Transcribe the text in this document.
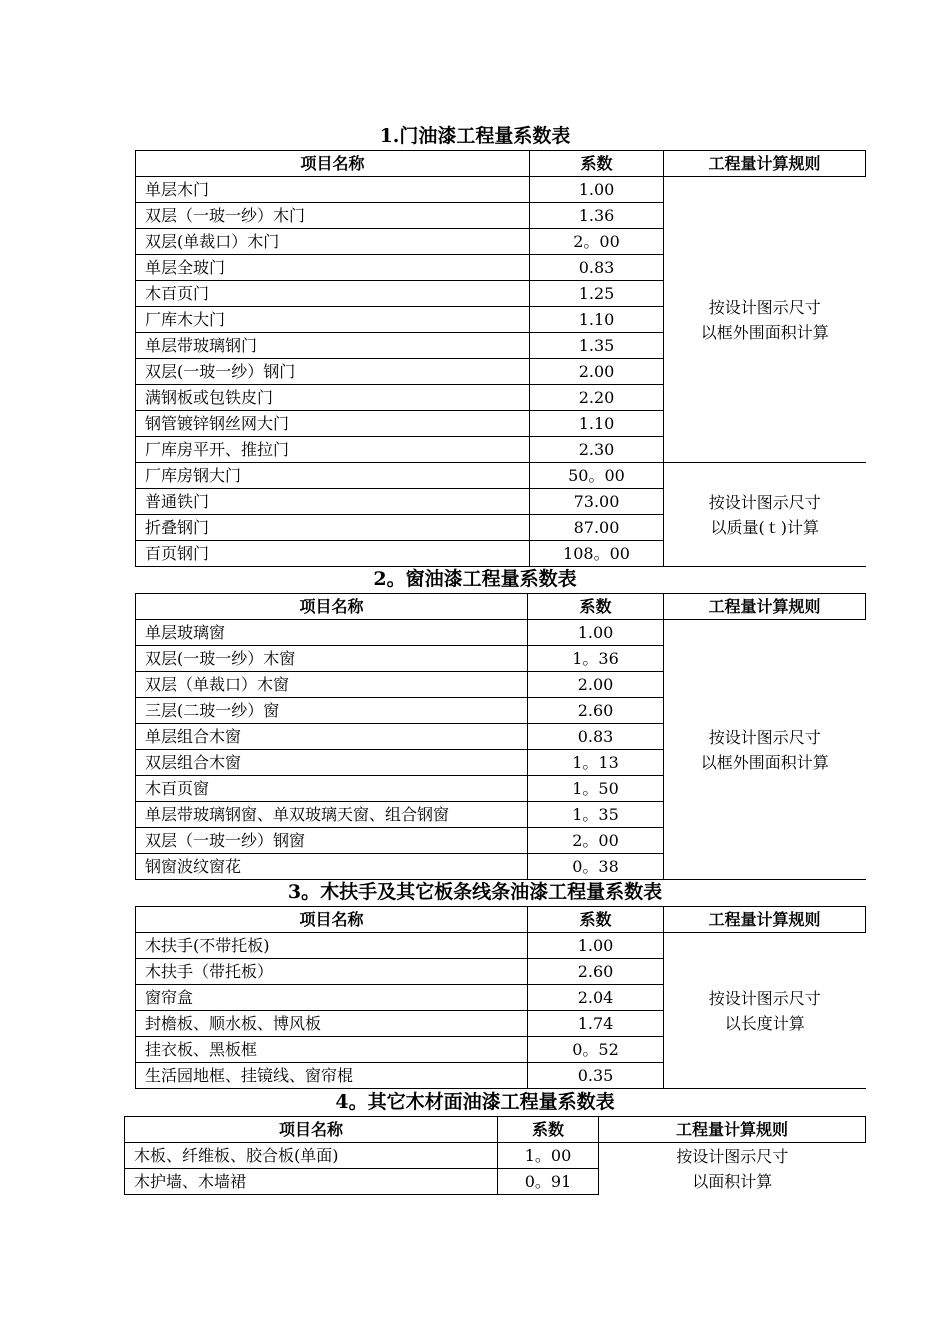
1.门油漆工程量系数表
项目名称	系数	工程量计算规则
单层木门	1.00	按设计图示尺寸
以框外围面积计算

双层（一玻一纱）木门	1.36	
双层(单裁口）木门	2。00	
单层全玻门	0.83	
木百页门	1.25	
厂库木大门	1.10	
单层带玻璃钢门	1.35	
双层(一玻一纱）钢门	2.00	
满钢板或包铁皮门	2.20	
钢管镀锌钢丝网大门	1.10	
厂库房平开、推拉门	2.30	
厂库房钢大门	50。00	按设计图示尺寸
以质量(ｔ)计算

普通铁门	73.00	
折叠钢门	87.00	
百页钢门	108。00	
2。窗油漆工程量系数表
项目名称	系数	工程量计算规则
单层玻璃窗	1.00	按设计图示尺寸
以框外围面积计算

双层(一玻一纱）木窗	1。36	
双层（单裁口）木窗	2.00	
三层(二玻一纱）窗	2.60	
单层组合木窗	0.83	
双层组合木窗	1。13	
木百页窗	1。50	
单层带玻璃钢窗、单双玻璃天窗、组合钢窗	1。35	
双层（一玻一纱）钢窗	2。00	
钢窗波纹窗花	0。38	
3。木扶手及其它板条线条油漆工程量系数表
项目名称	系数	工程量计算规则
木扶手(不带托板)	1.00	按设计图示尺寸
以长度计算

木扶手（带托板）	2.60	
窗帘盒	2.04	
封檐板、顺水板、博风板	1.74	
挂衣板、黑板框	0。52	
生活园地框、挂镜线、窗帘棍	0.35	
4。其它木材面油漆工程量系数表
项目名称	系数	工程量计算规则
木板、纤维板、胶合板(单面)	1。00	按设计图示尺寸
以面积计算

木护墙、木墙裙	0。91	
